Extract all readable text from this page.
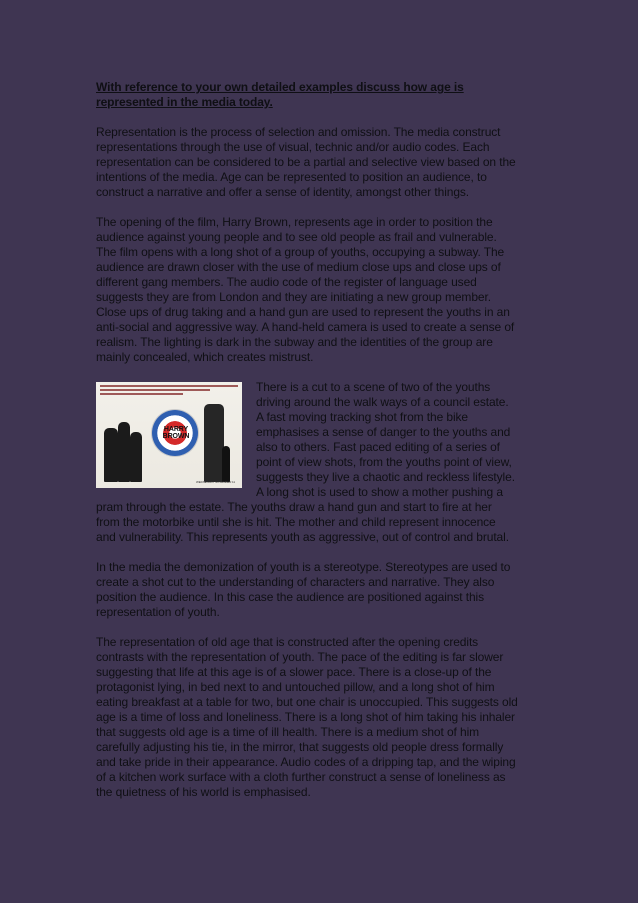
With reference to your own detailed examples discuss how age is represented in the media today.

Representation is the process of selection and omission. The media construct representations through the use of visual, technic and/or audio codes. Each representation can be considered to be a partial and selective view based on the intentions of the media. Age can be represented to position an audience, to construct a narrative and offer a sense of identity, amongst other things.

The opening of the film, Harry Brown, represents age in order to position the audience against young people and to see old people as frail and vulnerable. The film opens with a long shot of a group of youths, occupying a subway. The audience are drawn closer with the use of medium close ups and close ups of different gang members. The audio code of the register of language used suggests they are from London and they are initiating a new group member. Close ups of drug taking and a hand gun are used to represent the youths in an anti-social and aggressive way. A hand-held camera is used to create a sense of realism. The lighting is dark in the subway and the identities of the group are mainly concealed, which creates mistrust.

HARRY
BROWN
WEDNESDAY NOVEMBER 11

There is a cut to a scene of two of the youths driving around the walk ways of a council estate. A fast moving tracking shot from the bike emphasises a sense of danger to the youths and also to others. Fast paced editing of a series of point of view shots, from the youths point of view, suggests they live a chaotic and reckless lifestyle. A long shot is used to show a mother pushing a pram through the estate. The youths draw a hand gun and start to fire at her from the motorbike until she is hit. The mother and child represent innocence and vulnerability. This represents youth as aggressive, out of control and brutal.

In the media the demonization of youth is a stereotype. Stereotypes are used to create a shot cut to the understanding of characters and narrative. They also position the audience. In this case the audience are positioned against this representation of youth.

The representation of old age that is constructed after the opening credits contrasts with the representation of youth. The pace of the editing is far slower suggesting that life at this age is of a slower pace. There is a close-up of the protagonist lying, in bed next to and untouched pillow, and a long shot of him eating breakfast at a table for two, but one chair is unoccupied. This suggests old age is a time of loss and loneliness. There is a long shot of him taking his inhaler that suggests old age is a time of ill health. There is a medium shot of him carefully adjusting his tie, in the mirror, that suggests old people dress formally and take pride in their appearance. Audio codes of a dripping tap, and the wiping of a kitchen work surface with a cloth further construct a sense of loneliness as the quietness of his world is emphasised.
